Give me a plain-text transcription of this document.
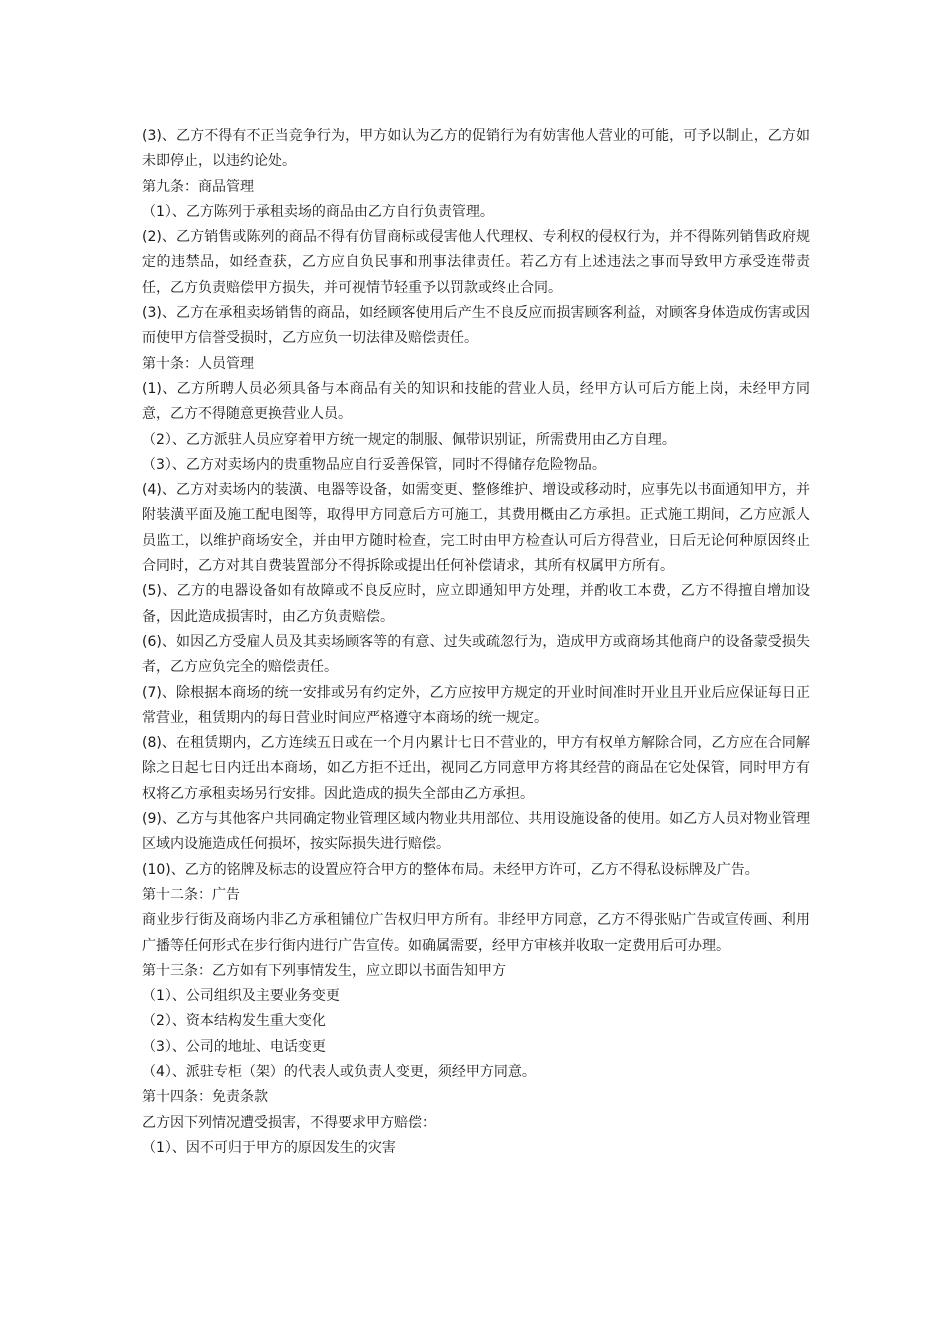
(3)、乙方不得有不正当竞争行为，甲方如认为乙方的促销行为有妨害他人营业的可能，可予以制止，乙方如未即停止，以违约论处。

第九条：商品管理

（1）、乙方陈列于承租卖场的商品由乙方自行负责管理。

(2)、乙方销售或陈列的商品不得有仿冒商标或侵害他人代理权、专利权的侵权行为，并不得陈列销售政府规定的违禁品，如经查获，乙方应自负民事和刑事法律责任。若乙方有上述违法之事而导致甲方承受连带责任，乙方负责赔偿甲方损失，并可视情节轻重予以罚款或终止合同。

(3)、乙方在承租卖场销售的商品，如经顾客使用后产生不良反应而损害顾客利益，对顾客身体造成伤害或因而使甲方信誉受损时，乙方应负一切法律及赔偿责任。

第十条：人员管理

(1)、乙方所聘人员必须具备与本商品有关的知识和技能的营业人员，经甲方认可后方能上岗，未经甲方同意，乙方不得随意更换营业人员。

（2）、乙方派驻人员应穿着甲方统一规定的制服、佩带识别证，所需费用由乙方自理。

（3）、乙方对卖场内的贵重物品应自行妥善保管，同时不得储存危险物品。

(4)、乙方对卖场内的装潢、电器等设备，如需变更、整修维护、增设或移动时，应事先以书面通知甲方，并附装潢平面及施工配电图等，取得甲方同意后方可施工，其费用概由乙方承担。正式施工期间，乙方应派人员监工，以维护商场安全，并由甲方随时检查，完工时由甲方检查认可后方得营业，日后无论何种原因终止合同时，乙方对其自费装置部分不得拆除或提出任何补偿请求，其所有权属甲方所有。

(5)、乙方的电器设备如有故障或不良反应时，应立即通知甲方处理，并酌收工本费，乙方不得擅自增加设备，因此造成损害时，由乙方负责赔偿。

(6)、如因乙方受雇人员及其卖场顾客等的有意、过失或疏忽行为，造成甲方或商场其他商户的设备蒙受损失者，乙方应负完全的赔偿责任。

(7)、除根据本商场的统一安排或另有约定外，乙方应按甲方规定的开业时间准时开业且开业后应保证每日正常营业，租赁期内的每日营业时间应严格遵守本商场的统一规定。

(8)、在租赁期内，乙方连续五日或在一个月内累计七日不营业的，甲方有权单方解除合同，乙方应在合同解除之日起七日内迁出本商场，如乙方拒不迁出，视同乙方同意甲方将其经营的商品在它处保管，同时甲方有权将乙方承租卖场另行安排。因此造成的损失全部由乙方承担。

(9)、乙方与其他客户共同确定物业管理区域内物业共用部位、共用设施设备的使用。如乙方人员对物业管理区域内设施造成任何损坏，按实际损失进行赔偿。

(10)、乙方的铭牌及标志的设置应符合甲方的整体布局。未经甲方许可，乙方不得私设标牌及广告。

第十二条：广告

商业步行街及商场内非乙方承租铺位广告权归甲方所有。非经甲方同意，乙方不得张贴广告或宣传画、利用广播等任何形式在步行街内进行广告宣传。如确属需要，经甲方审核并收取一定费用后可办理。

第十三条：乙方如有下列事情发生，应立即以书面告知甲方

（1）、公司组织及主要业务变更

（2）、资本结构发生重大变化

（3）、公司的地址、电话变更

（4）、派驻专柜（架）的代表人或负责人变更，须经甲方同意。

第十四条：免责条款

乙方因下列情况遭受损害，不得要求甲方赔偿：

（1）、因不可归于甲方的原因发生的灾害
